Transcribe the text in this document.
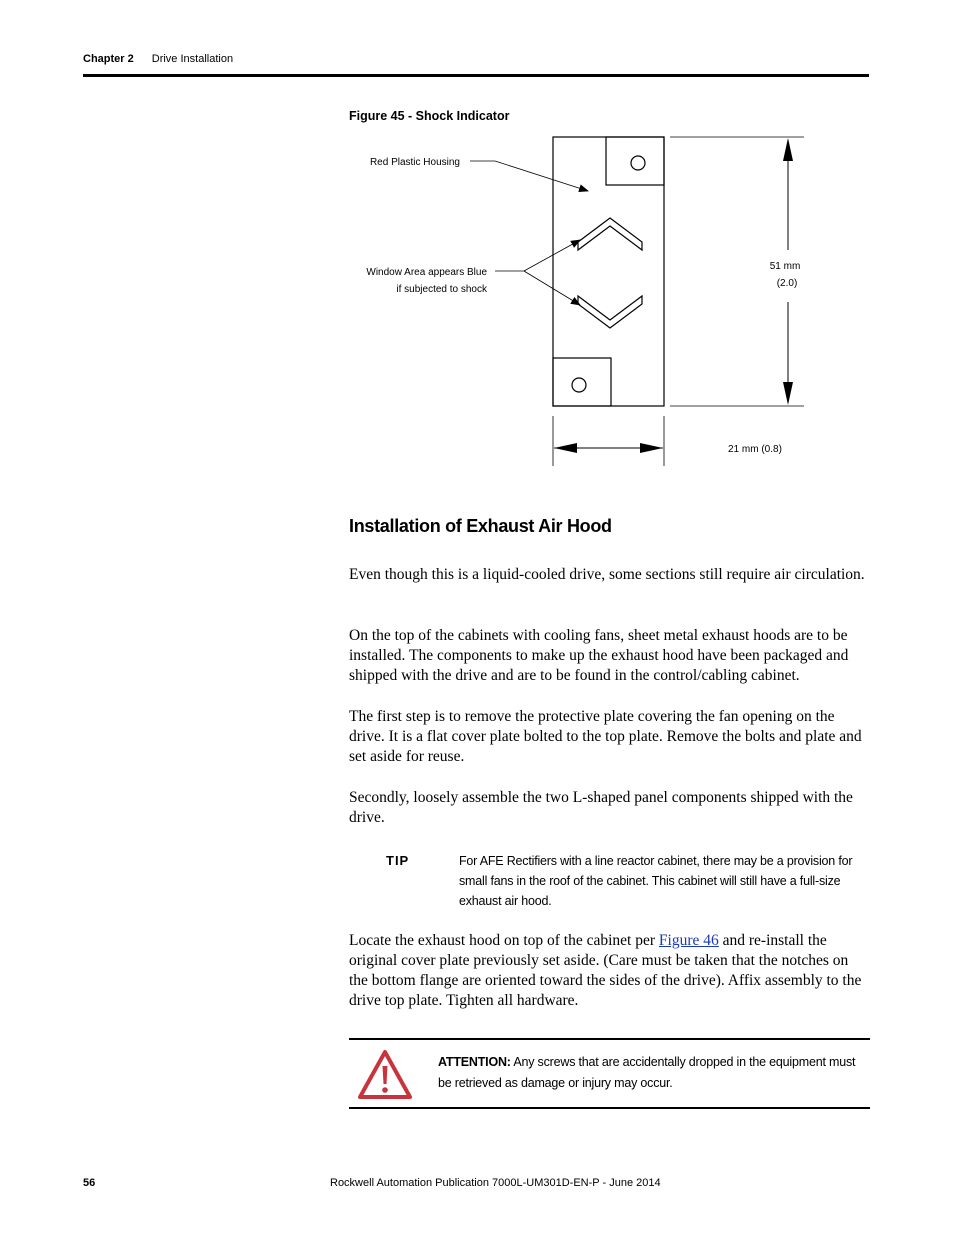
Chapter 2 Drive Installation
Figure 45 - Shock Indicator
Red Plastic Housing
Window Area appears Blue
if subjected to shock
51 mm
(2.0)
21 mm (0.8)
Installation of Exhaust Air Hood

Even though this is a liquid-cooled drive, some sections still require air circulation.

On the top of the cabinets with cooling fans, sheet metal exhaust hoods are to be installed. The components to make up the exhaust hood have been packaged and shipped with the drive and are to be found in the control/cabling cabinet.

The first step is to remove the protective plate covering the fan opening on the drive. It is a flat cover plate bolted to the top plate. Remove the bolts and plate and set aside for reuse.

Secondly, loosely assemble the two L-shaped panel components shipped with the drive.

TIP	For AFE Rectifiers with a line reactor cabinet, there may be a provision for small fans in the roof of the cabinet. This cabinet will still have a full-size exhaust air hood.

Locate the exhaust hood on top of the cabinet per Figure 46 and re-install the original cover plate previously set aside. (Care must be taken that the notches on the bottom flange are oriented toward the sides of the drive). Affix assembly to the drive top plate. Tighten all hardware.

ATTENTION: Any screws that are accidentally dropped in the equipment must be retrieved as damage or injury may occur.
56	Rockwell Automation Publication 7000L-UM301D-EN-P - June 2014
